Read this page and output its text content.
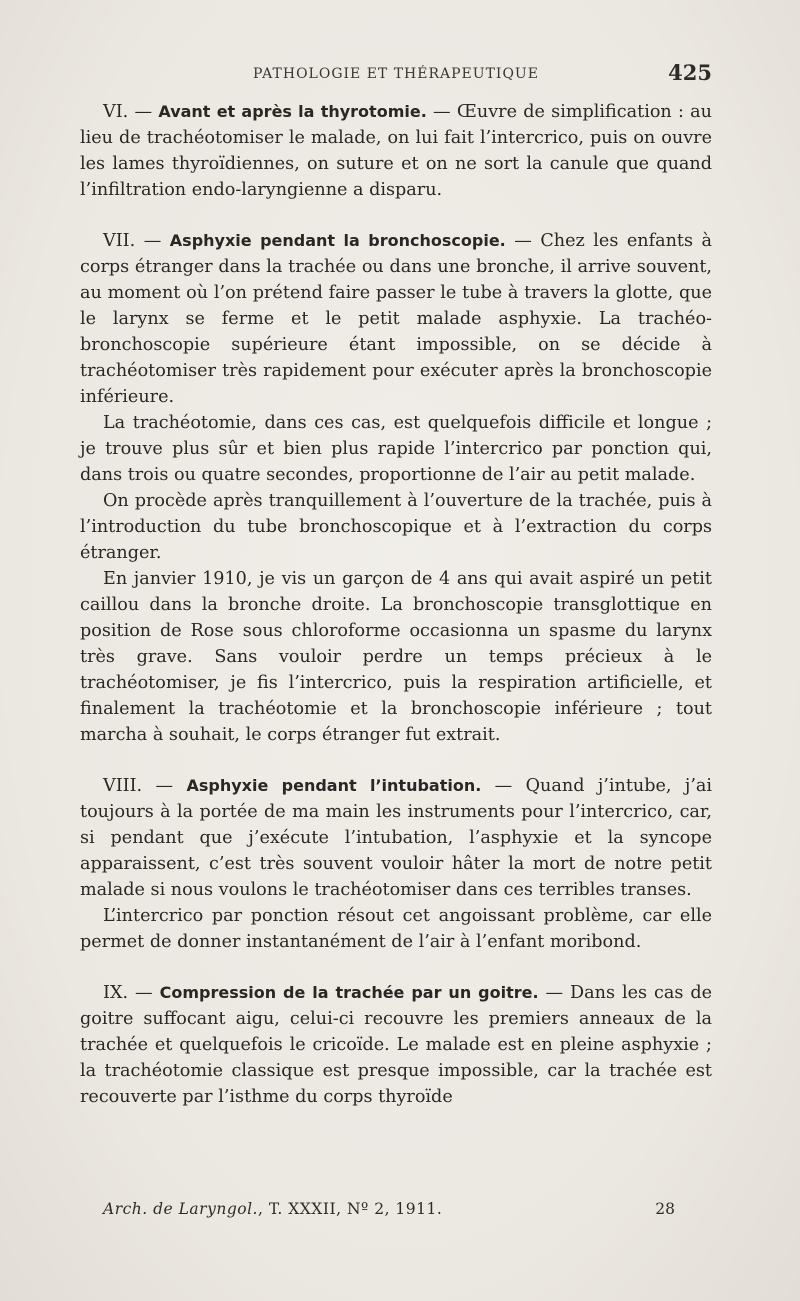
PATHOLOGIE ET THÉRAPEUTIQUE	425

VI. — Avant et après la thyrotomie. — Œuvre de simplification : au lieu de trachéotomiser le malade, on lui fait l’intercrico, puis on ouvre les lames thyroïdiennes, on suture et on ne sort la canule que quand l’infiltration endo-laryngienne a disparu.

VII. — Asphyxie pendant la bronchoscopie. — Chez les enfants à corps étranger dans la trachée ou dans une bronche, il arrive souvent, au moment où l’on prétend faire passer le tube à travers la glotte, que le larynx se ferme et le petit malade asphyxie. La trachéo-bronchoscopie supérieure étant impossible, on se décide à trachéotomiser très rapidement pour exécuter après la bronchoscopie inférieure.

La trachéotomie, dans ces cas, est quelquefois difficile et longue ; je trouve plus sûr et bien plus rapide l’intercrico par ponction qui, dans trois ou quatre secondes, proportionne de l’air au petit malade.

On procède après tranquillement à l’ouverture de la trachée, puis à l’introduction du tube bronchoscopique et à l’extraction du corps étranger.

En janvier 1910, je vis un garçon de 4 ans qui avait aspiré un petit caillou dans la bronche droite. La bronchoscopie transglottique en position de Rose sous chloroforme occasionna un spasme du larynx très grave. Sans vouloir perdre un temps précieux à le trachéotomiser, je fis l’intercrico, puis la respiration artificielle, et finalement la trachéotomie et la bronchoscopie inférieure ; tout marcha à souhait, le corps étranger fut extrait.

VIII. — Asphyxie pendant l’intubation. — Quand j’intube, j’ai toujours à la portée de ma main les instruments pour l’intercrico, car, si pendant que j’exécute l’intubation, l’asphyxie et la syncope apparaissent, c’est très souvent vouloir hâter la mort de notre petit malade si nous voulons le trachéotomiser dans ces terribles transes.

L’intercrico par ponction résout cet angoissant problème, car elle permet de donner instantanément de l’air à l’enfant moribond.

IX. — Compression de la trachée par un goitre. — Dans les cas de goitre suffocant aigu, celui-ci recouvre les premiers anneaux de la trachée et quelquefois le cricoïde. Le malade est en pleine asphyxie ; la trachéotomie classique est presque impossible, car la trachée est recouverte par l’isthme du corps thyroïde

Arch. de Laryngol., T. XXXII, Nº 2, 1911.	28
